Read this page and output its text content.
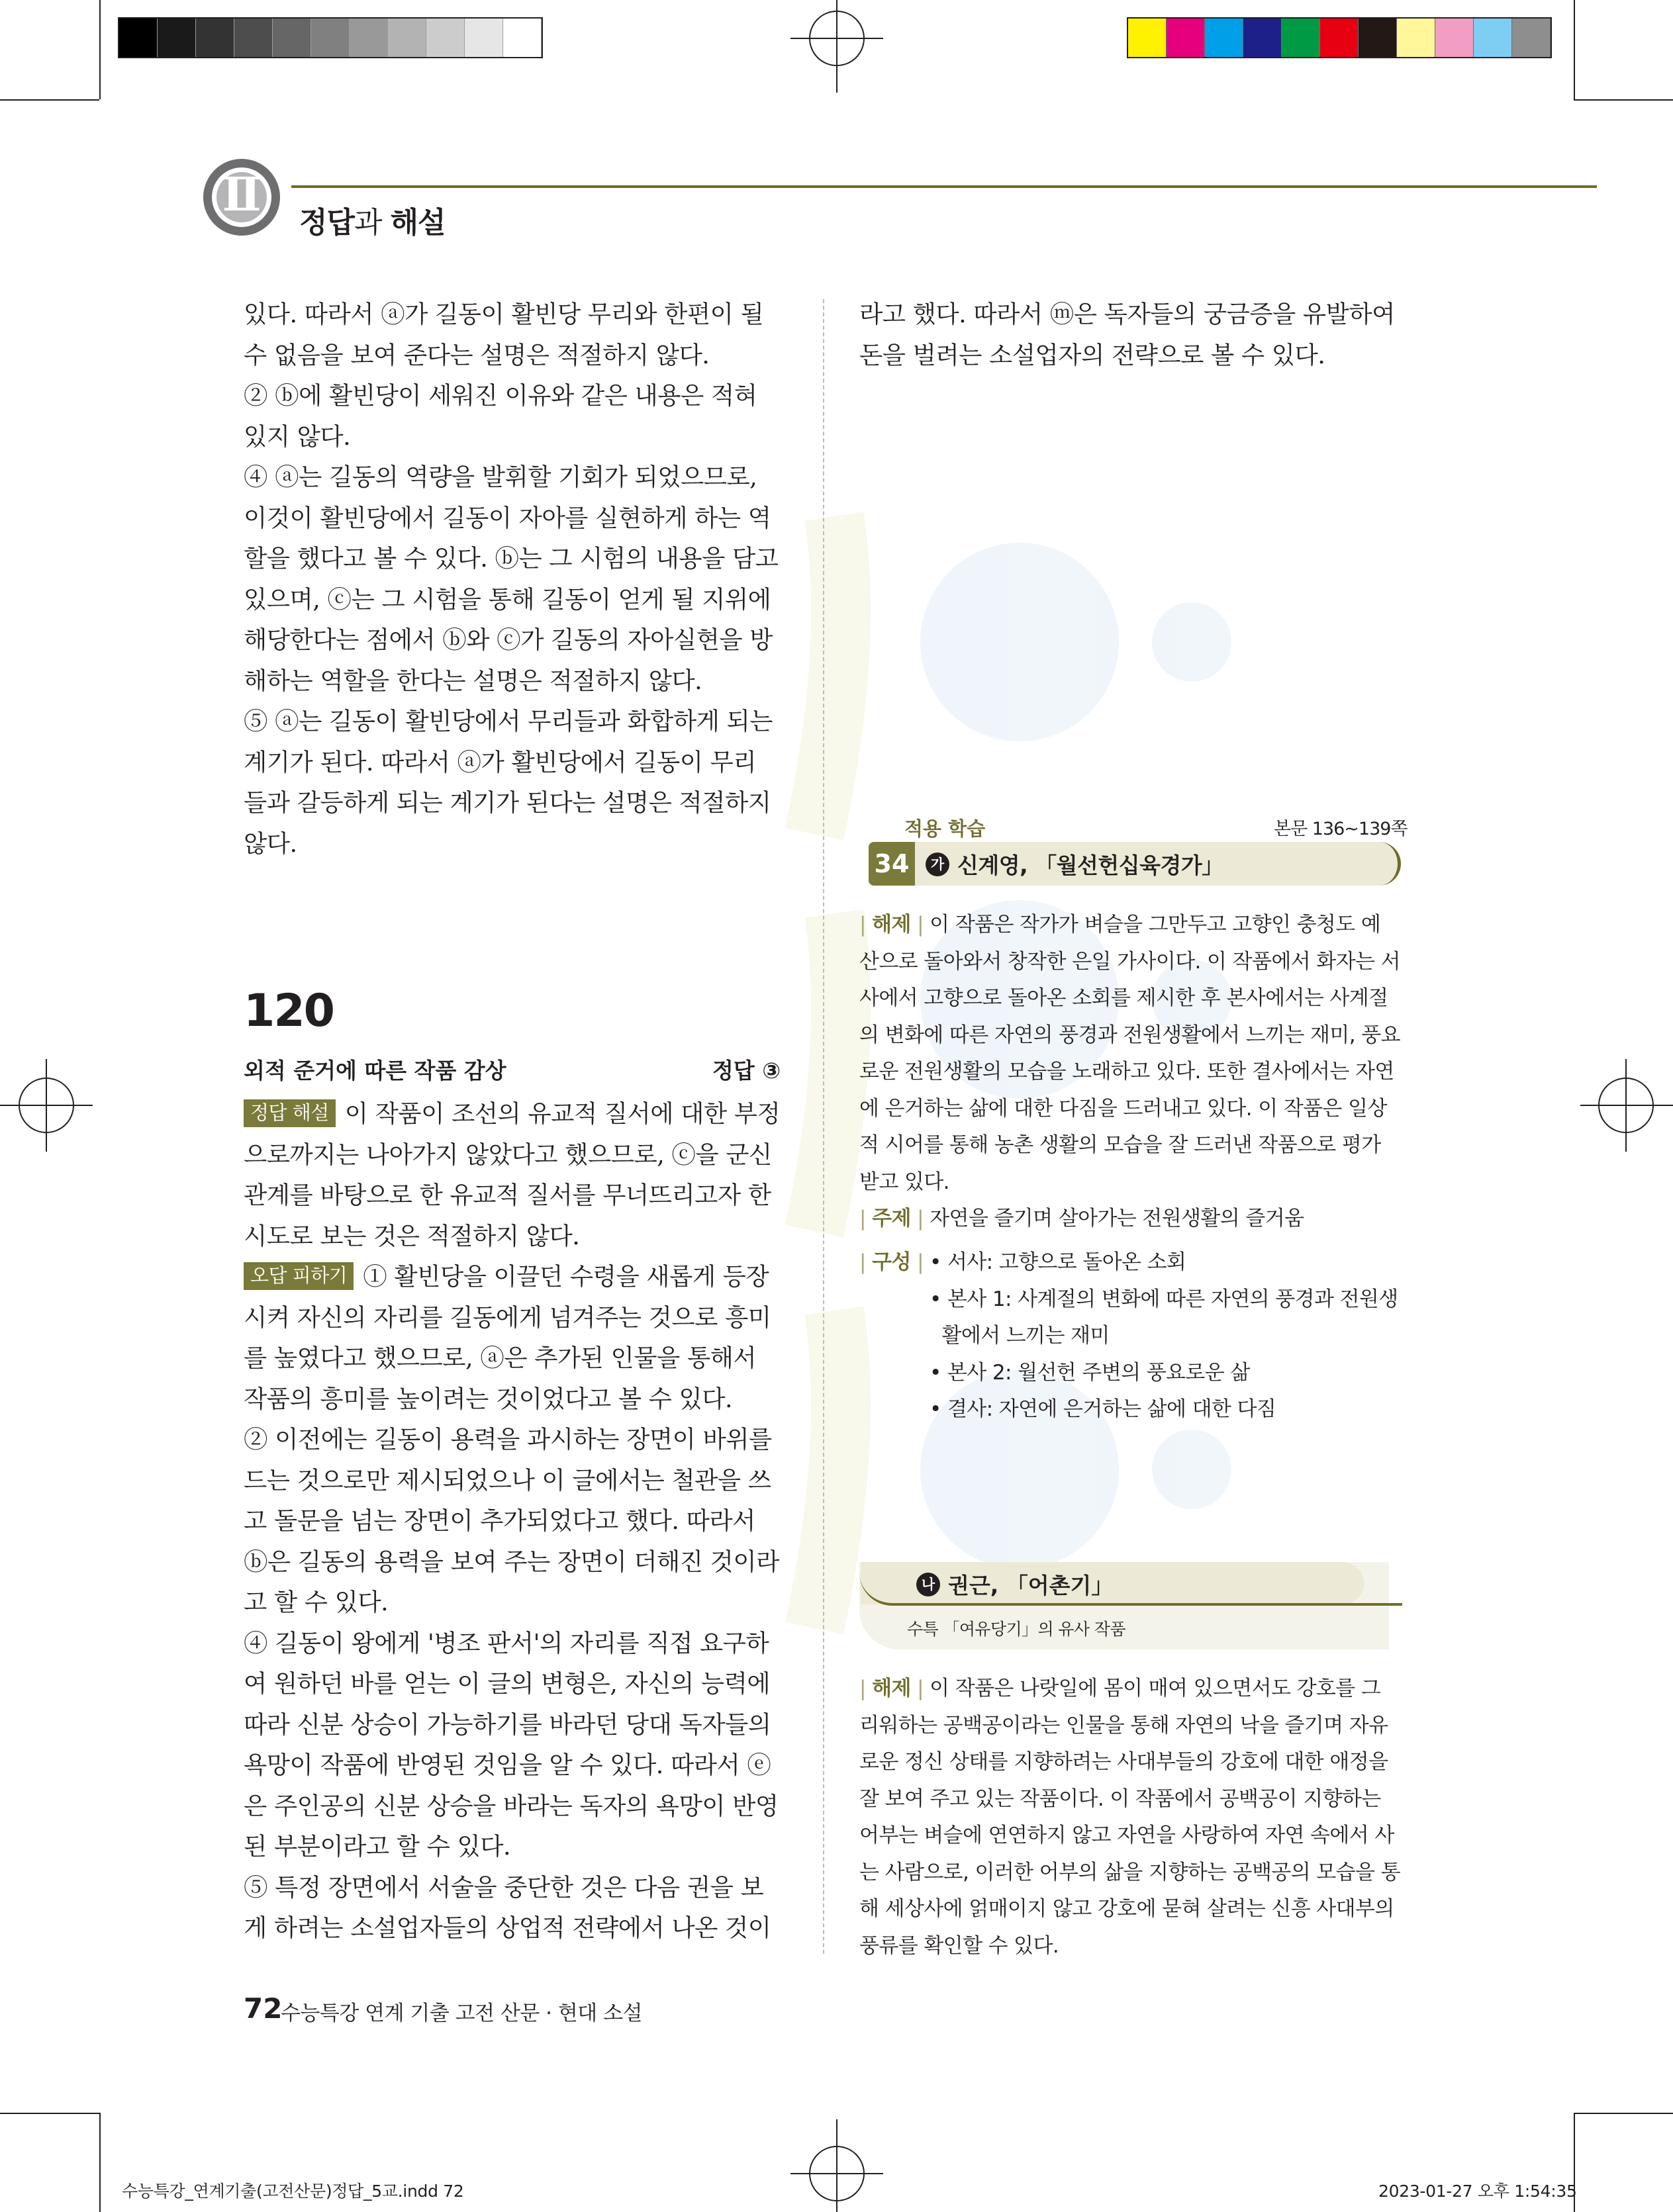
Ⅱ
정답과 해설
있다. 따라서 ⓐ가 길동이 활빈당 무리와 한편이 될
수 없음을 보여 준다는 설명은 적절하지 않다.
② ⓑ에 활빈당이 세워진 이유와 같은 내용은 적혀
있지 않다.
④ ⓐ는 길동의 역량을 발휘할 기회가 되었으므로,
이것이 활빈당에서 길동이 자아를 실현하게 하는 역
할을 했다고 볼 수 있다. ⓑ는 그 시험의 내용을 담고
있으며, ⓒ는 그 시험을 통해 길동이 얻게 될 지위에
해당한다는 점에서 ⓑ와 ⓒ가 길동의 자아실현을 방
해하는 역할을 한다는 설명은 적절하지 않다.
⑤ ⓐ는 길동이 활빈당에서 무리들과 화합하게 되는
계기가 된다. 따라서 ⓐ가 활빈당에서 길동이 무리
들과 갈등하게 되는 계기가 된다는 설명은 적절하지
않다.
120
외적 준거에 따른 작품 감상	정답 ③
정답 해설 이 작품이 조선의 유교적 질서에 대한 부정
으로까지는 나아가지 않았다고 했으므로, ⓒ을 군신
관계를 바탕으로 한 유교적 질서를 무너뜨리고자 한
시도로 보는 것은 적절하지 않다.
오답 피하기 ① 활빈당을 이끌던 수령을 새롭게 등장
시켜 자신의 자리를 길동에게 넘겨주는 것으로 흥미
를 높였다고 했으므로, ⓐ은 추가된 인물을 통해서
작품의 흥미를 높이려는 것이었다고 볼 수 있다.
② 이전에는 길동이 용력을 과시하는 장면이 바위를
드는 것으로만 제시되었으나 이 글에서는 철관을 쓰
고 돌문을 넘는 장면이 추가되었다고 했다. 따라서
ⓑ은 길동의 용력을 보여 주는 장면이 더해진 것이라
고 할 수 있다.
④ 길동이 왕에게 '병조 판서'의 자리를 직접 요구하
여 원하던 바를 얻는 이 글의 변형은, 자신의 능력에
따라 신분 상승이 가능하기를 바라던 당대 독자들의
욕망이 작품에 반영된 것임을 알 수 있다. 따라서 ⓔ
은 주인공의 신분 상승을 바라는 독자의 욕망이 반영
된 부분이라고 할 수 있다.
⑤ 특정 장면에서 서술을 중단한 것은 다음 권을 보
게 하려는 소설업자들의 상업적 전략에서 나온 것이
라고 했다. 따라서 ⓜ은 독자들의 궁금증을 유발하여
돈을 벌려는 소설업자의 전략으로 볼 수 있다.
적용 학습	본문 136~139쪽
34	가 신계영, 「월선헌십육경가」
| 해제 | 이 작품은 작가가 벼슬을 그만두고 고향인 충청도 예
산으로 돌아와서 창작한 은일 가사이다. 이 작품에서 화자는 서
사에서 고향으로 돌아온 소회를 제시한 후 본사에서는 사계절
의 변화에 따른 자연의 풍경과 전원생활에서 느끼는 재미, 풍요
로운 전원생활의 모습을 노래하고 있다. 또한 결사에서는 자연
에 은거하는 삶에 대한 다짐을 드러내고 있다. 이 작품은 일상
적 시어를 통해 농촌 생활의 모습을 잘 드러낸 작품으로 평가
받고 있다.
| 주제 | 자연을 즐기며 살아가는 전원생활의 즐거움
| 구성 | • 서사: 고향으로 돌아온 소회
• 본사 1: 사계절의 변화에 따른 자연의 풍경과 전원생
활에서 느끼는 재미
• 본사 2: 월선헌 주변의 풍요로운 삶
• 결사: 자연에 은거하는 삶에 대한 다짐
나 권근, 「어촌기」
수특 「여유당기」의 유사 작품
| 해제 | 이 작품은 나랏일에 몸이 매여 있으면서도 강호를 그
리워하는 공백공이라는 인물을 통해 자연의 낙을 즐기며 자유
로운 정신 상태를 지향하려는 사대부들의 강호에 대한 애정을
잘 보여 주고 있는 작품이다. 이 작품에서 공백공이 지향하는
어부는 벼슬에 연연하지 않고 자연을 사랑하여 자연 속에서 사
는 사람으로, 이러한 어부의 삶을 지향하는 공백공의 모습을 통
해 세상사에 얽매이지 않고 강호에 묻혀 살려는 신흥 사대부의
풍류를 확인할 수 있다.
72
수능특강 연계 기출 고전 산문 · 현대 소설
수능특강_연계기출(고전산문)정답_5교.indd 72	2023-01-27 오후 1:54:35
